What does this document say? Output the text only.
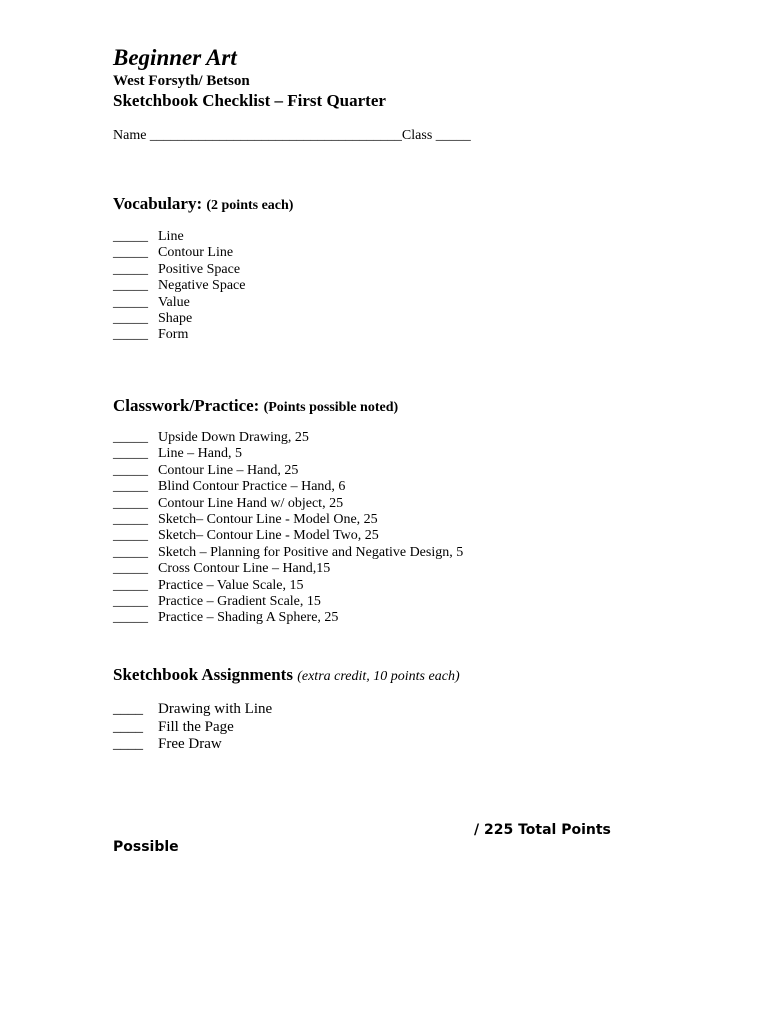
Beginner Art
West Forsyth/ Betson
Sketchbook Checklist – First Quarter
Name ____________________________________Class _____
Vocabulary: (2 points each)
_____ Line
_____ Contour Line
_____ Positive Space
_____ Negative Space
_____ Value
_____ Shape
_____ Form
Classwork/Practice: (Points possible noted)
_____ Upside Down Drawing, 25
_____ Line – Hand, 5
_____ Contour Line – Hand, 25
_____ Blind Contour Practice – Hand, 6
_____ Contour Line Hand w/ object, 25
_____ Sketch– Contour Line - Model One, 25
_____ Sketch– Contour Line - Model Two, 25
_____ Sketch – Planning for Positive and Negative Design, 5
_____ Cross Contour Line – Hand,15
_____ Practice – Value Scale, 15
_____ Practice – Gradient Scale, 15
_____ Practice – Shading A Sphere, 25
Sketchbook Assignments (extra credit, 10 points each)
____ Drawing with Line
____ Fill the Page
____ Free Draw
/ 225 Total Points
Possible
